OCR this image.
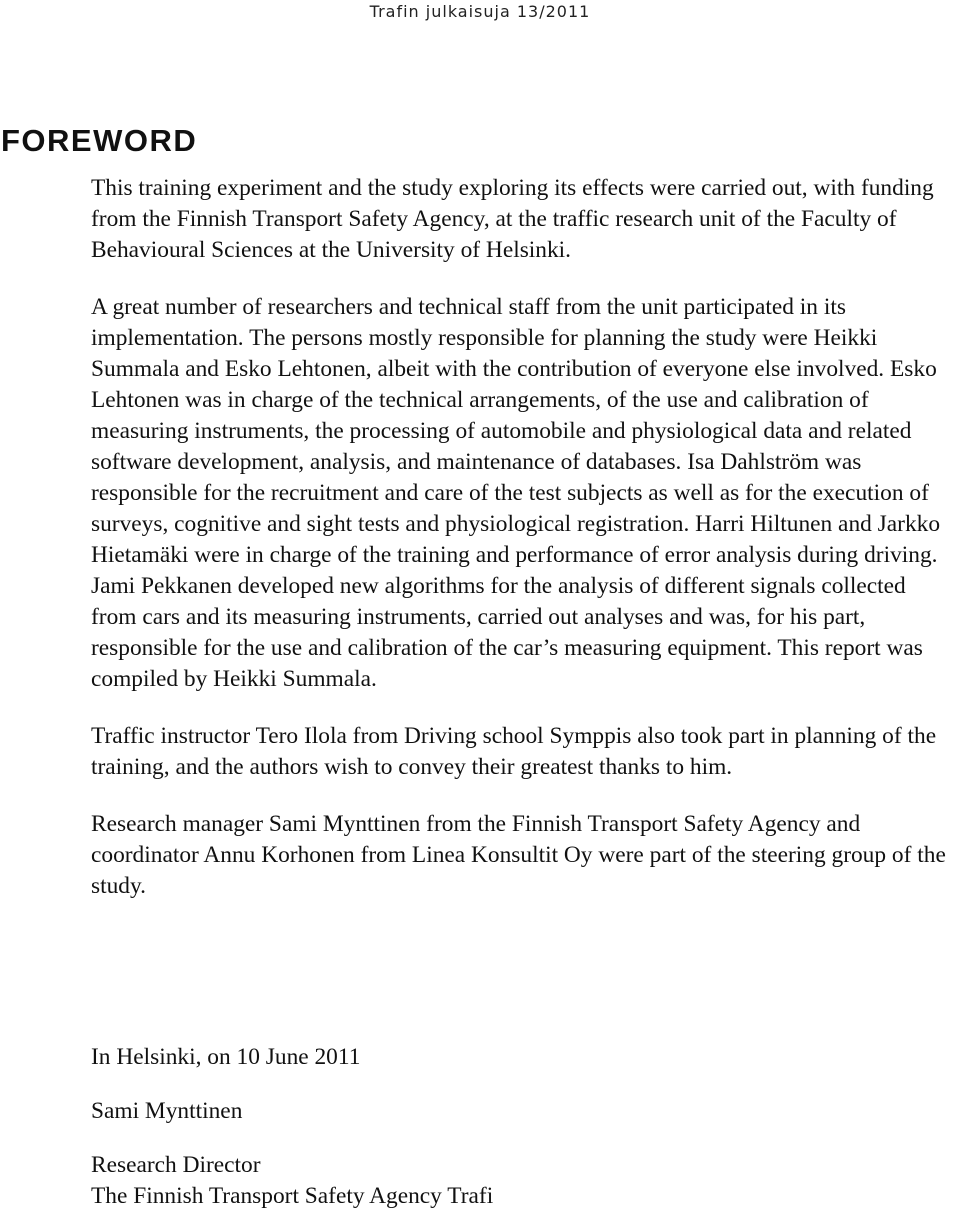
Trafin julkaisuja 13/2011
FOREWORD

This training experiment and the study exploring its effects were carried out, with funding from the Finnish Transport Safety Agency, at the traffic research unit of the Faculty of Behavioural Sciences at the University of Helsinki.

A great number of researchers and technical staff from the unit participated in its implementation. The persons mostly responsible for planning the study were Heikki Summala and Esko Lehtonen, albeit with the contribution of everyone else involved. Esko Lehtonen was in charge of the technical arrangements, of the use and calibration of measuring instruments, the processing of automobile and physiological data and related software development, analysis, and maintenance of databases. Isa Dahlström was responsible for the recruitment and care of the test subjects as well as for the execution of surveys, cognitive and sight tests and physiological registration. Harri Hiltunen and Jarkko Hietamäki were in charge of the training and performance of error analysis during driving. Jami Pekkanen developed new algorithms for the analysis of different signals collected from cars and its measuring instruments, carried out analyses and was, for his part, responsible for the use and calibration of the car’s measuring equipment. This report was compiled by Heikki Summala.

Traffic instructor Tero Ilola from Driving school Symppis also took part in planning of the training, and the authors wish to convey their greatest thanks to him.

Research manager Sami Mynttinen from the Finnish Transport Safety Agency and coordinator Annu Korhonen from Linea Konsultit Oy were part of the steering group of the study.

In Helsinki, on 10 June 2011
Sami Mynttinen
Research Director
The Finnish Transport Safety Agency Trafi
